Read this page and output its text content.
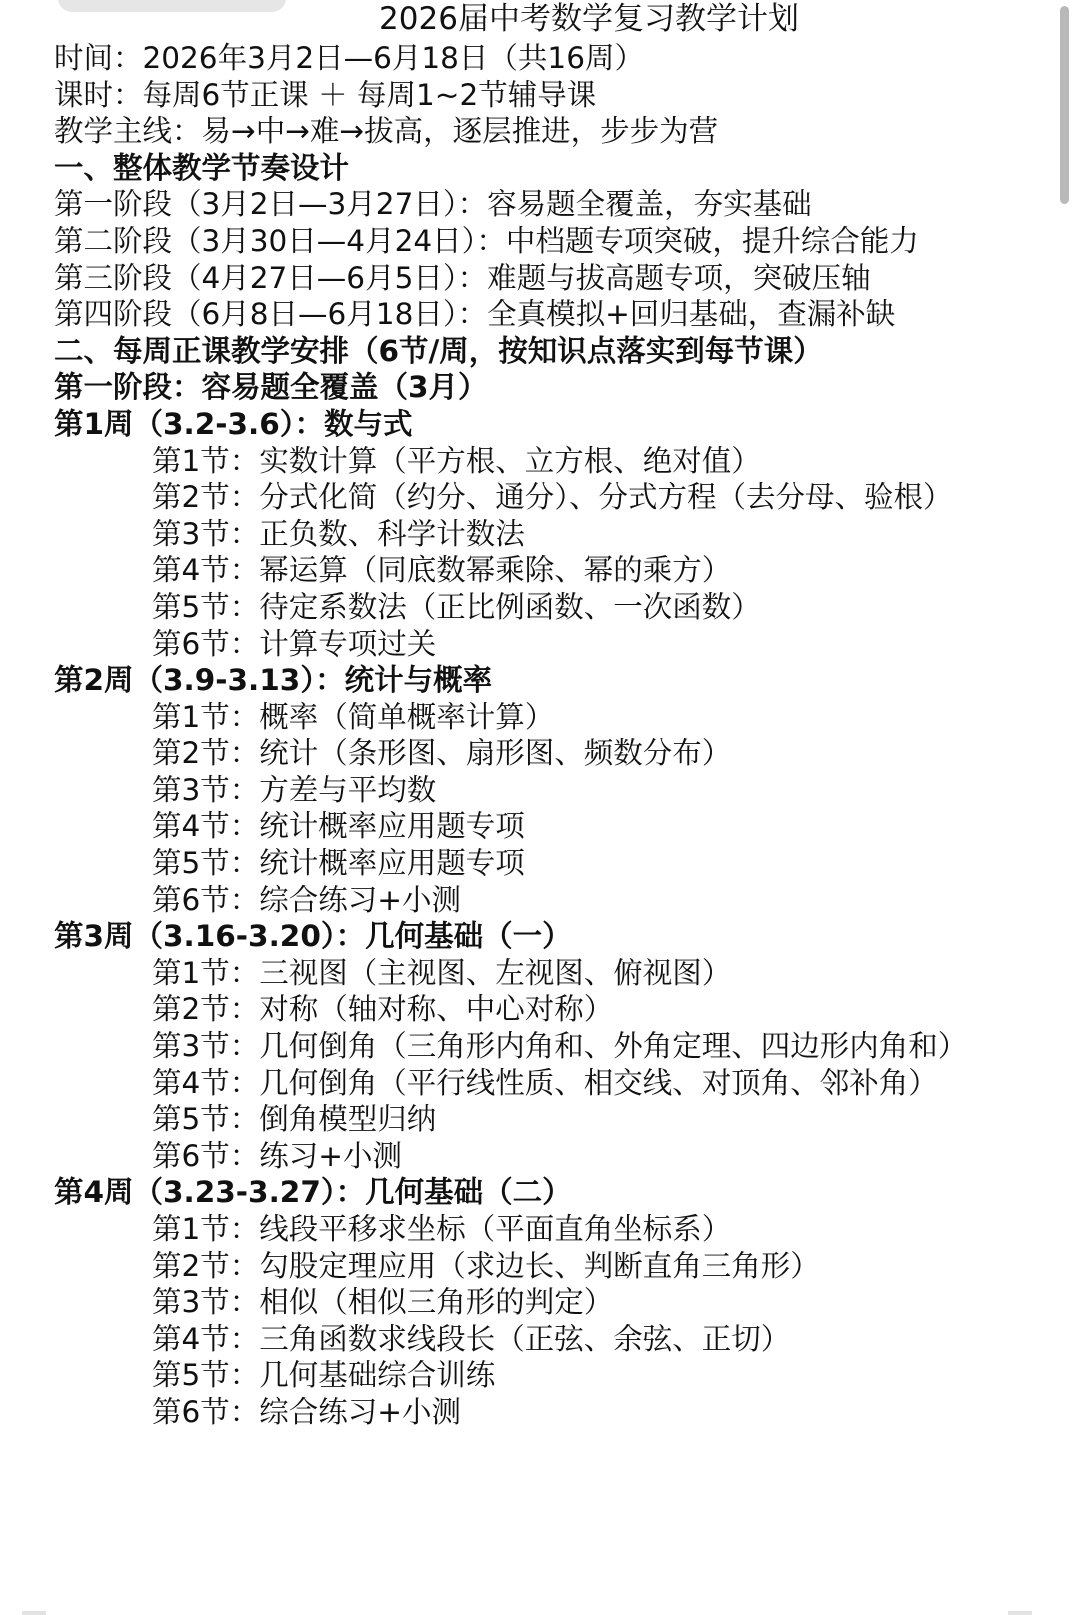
2026届中考数学复习教学计划

时间：2026年3月2日—6月18日（共16周）

课时：每周6节正课 ＋ 每周1~2节辅导课

教学主线：易→中→难→拔高，逐层推进，步步为营

一、整体教学节奏设计

第一阶段（3月2日—3月27日）：容易题全覆盖，夯实基础

第二阶段（3月30日—4月24日）：中档题专项突破，提升综合能力

第三阶段（4月27日—6月5日）：难题与拔高题专项，突破压轴

第四阶段（6月8日—6月18日）：全真模拟+回归基础，查漏补缺

二、每周正课教学安排（6节/周，按知识点落实到每节课）

第一阶段：容易题全覆盖（3月）

第1周（3.2-3.6）：数与式

第1节：实数计算（平方根、立方根、绝对值）

第2节：分式化简（约分、通分）、分式方程（去分母、验根）

第3节：正负数、科学计数法

第4节：幂运算（同底数幂乘除、幂的乘方）

第5节：待定系数法（正比例函数、一次函数）

第6节：计算专项过关

第2周（3.9-3.13）：统计与概率

第1节：概率（简单概率计算）

第2节：统计（条形图、扇形图、频数分布）

第3节：方差与平均数

第4节：统计概率应用题专项

第5节：统计概率应用题专项

第6节：综合练习+小测

第3周（3.16-3.20）：几何基础（一）

第1节：三视图（主视图、左视图、俯视图）

第2节：对称（轴对称、中心对称）

第3节：几何倒角（三角形内角和、外角定理、四边形内角和）

第4节：几何倒角（平行线性质、相交线、对顶角、邻补角）

第5节：倒角模型归纳

第6节：练习+小测

第4周（3.23-3.27）：几何基础（二）

第1节：线段平移求坐标（平面直角坐标系）

第2节：勾股定理应用（求边长、判断直角三角形）

第3节：相似（相似三角形的判定）

第4节：三角函数求线段长（正弦、余弦、正切）

第5节：几何基础综合训练

第6节：综合练习+小测
